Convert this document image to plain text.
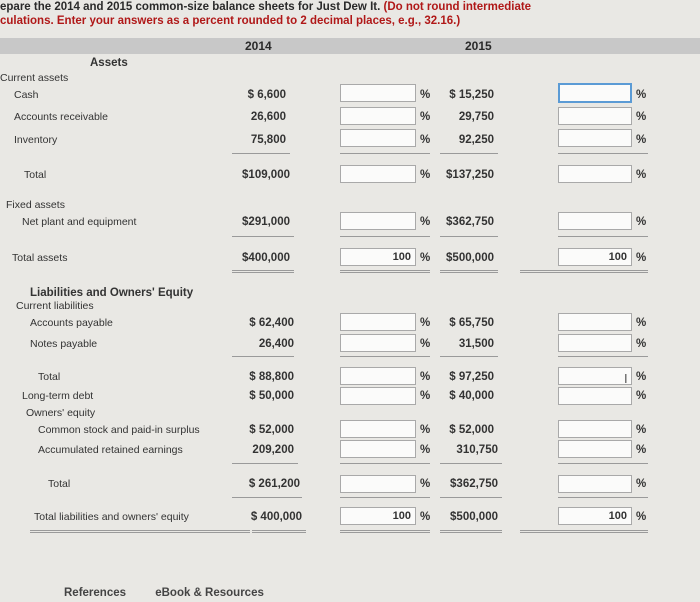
epare the 2014 and 2015 common-size balance sheets for Just Dew It. (Do not round intermediate
culations. Enter your answers as a percent rounded to 2 decimal places, e.g., 32.16.)
2014	2015
Assets
Current assets
Cash	$ 6,600	%	$ 15,250	%
Accounts receivable	26,600	%	29,750	%
Inventory	75,800	%	92,250	%
Total	$109,000	%	$137,250	%
Fixed assets
Net plant and equipment	$291,000	%	$362,750	%
Total assets	$400,000	100 %	$500,000	100 %
Liabilities and Owners' Equity
Current liabilities
Accounts payable	$ 62,400	%	$ 65,750	%
Notes payable	26,400	%	31,500	%
Total	$ 88,800	%	$ 97,250	%
I
Long-term debt	$ 50,000	%	$ 40,000	%
Owners' equity
Common stock and paid-in surplus	$ 52,000	%	$ 52,000	%
Accumulated retained earnings	209,200	%	310,750	%
Total	$ 261,200	%	$362,750	%
Total liabilities and owners' equity	$ 400,000	100 %	$500,000	100 %
References	eBook & Resources
